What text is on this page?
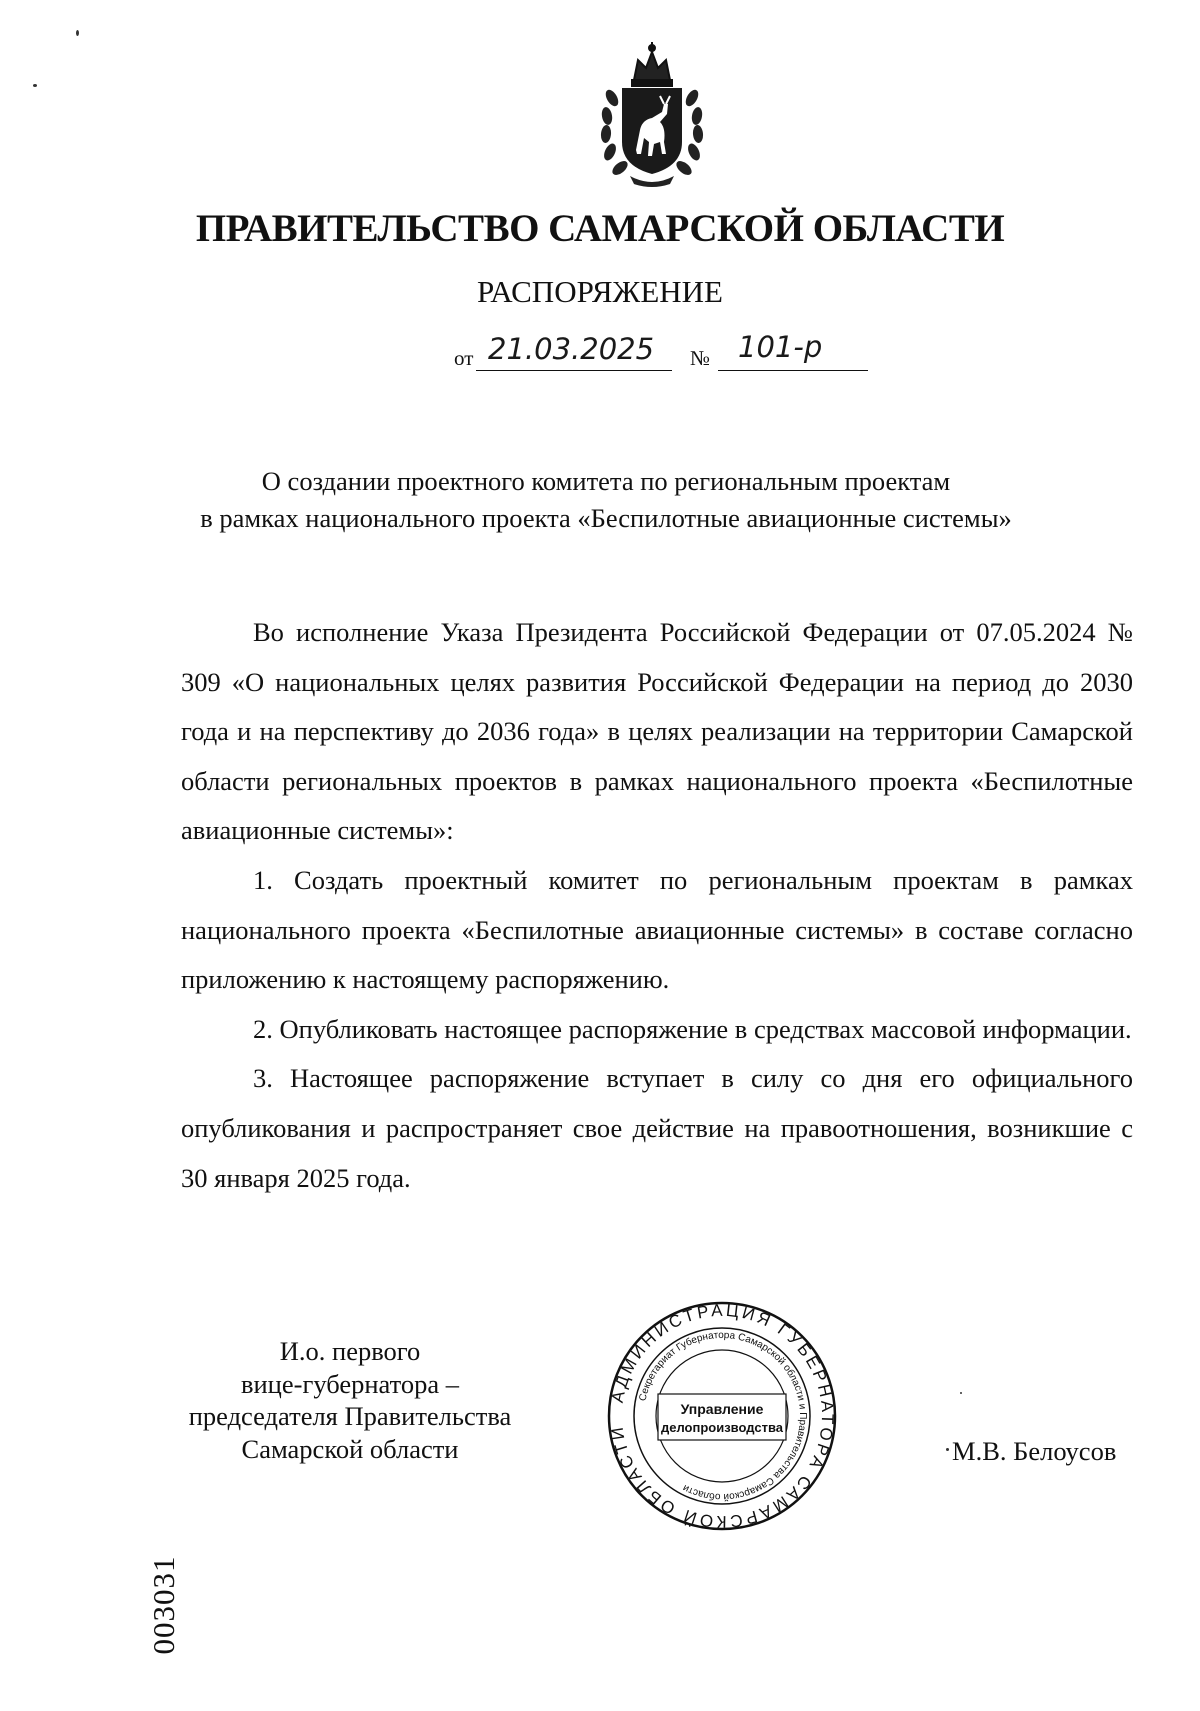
ПРАВИТЕЛЬСТВО САМАРСКОЙ ОБЛАСТИ
РАСПОРЯЖЕНИЕ
от 21.03.2025 № 101-р
О создании проектного комитета по региональным проектам
в рамках национального проекта «Беспилотные авиационные системы»

Во исполнение Указа Президента Российской Федерации от 07.05.2024 № 309 «О национальных целях развития Российской Федерации на период до 2030 года и на перспективу до 2036 года» в целях реализации на территории Самарской области региональных проектов в рамках национального проекта «Беспилотные авиационные системы»:

1. Создать проектный комитет по региональным проектам в рамках национального проекта «Беспилотные авиационные системы» в составе согласно приложению к настоящему распоряжению.

2. Опубликовать настоящее распоряжение в средствах массовой информации.

3. Настоящее распоряжение вступает в силу со дня его официального опубликования и распространяет свое действие на правоотношения, возникшие с 30 января 2025 года.

И.о. первого
вице-губернатора –
председателя Правительства
Самарской области
АДМИНИСТРАЦИЯ ГУБЕРНАТОРА САМАРСКОЙ ОБЛАСТИ
Секретариат Губернатора Самарской области и Правительства Самарской области
Управление
делопроизводства
М.В. Белоусов
003031
